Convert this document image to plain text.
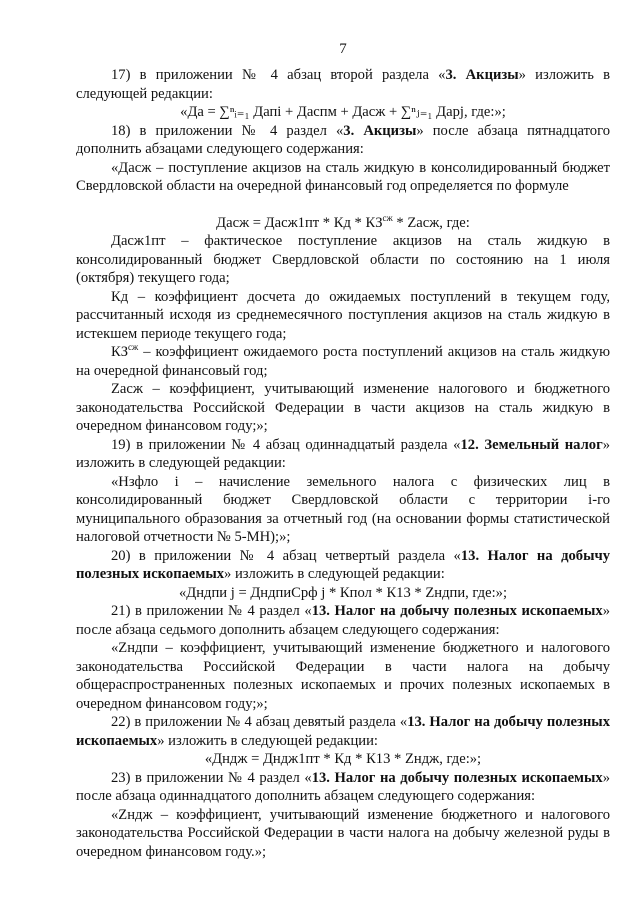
7

17) в приложении № 4 абзац второй раздела «3. Акцизы» изложить в следующей редакции:

«Да = ∑ⁿᵢ₌₁ Дапі + Даспм + Дасж + ∑ⁿⱼ₌₁ Дарј, где:»;

18) в приложении № 4 раздел «3. Акцизы» после абзаца пятнадцатого дополнить абзацами следующего содержания:

«Дасж – поступление акцизов на сталь жидкую в консолидированный бюджет Свердловской области на очередной финансовый год определяется по формуле

Дасж = Дасж1пт * Кд * $КЗ^{сж}$ * Zасж, где:

Дасж1пт – фактическое поступление акцизов на сталь жидкую в консолидированный бюджет Свердловской области по состоянию на 1 июля (октября) текущего года;

Кд – коэффициент досчета до ожидаемых поступлений в текущем году, рассчитанный исходя из среднемесячного поступления акцизов на сталь жидкую в истекшем периоде текущего года;

$КЗ^{сж}$ – коэффициент ожидаемого роста поступлений акцизов на сталь жидкую на очередной финансовый год;

Zасж – коэффициент, учитывающий изменение налогового и бюджетного законодательства Российской Федерации в части акцизов на сталь жидкую в очередном финансовом году;»;

19) в приложении № 4 абзац одиннадцатый раздела «12. Земельный налог» изложить в следующей редакции:

«Нзфло і – начисление земельного налога с физических лиц в консолидированный бюджет Свердловской области с территории і-го муниципального образования за отчетный год (на основании формы статистической налоговой отчетности № 5-МН);»;

20) в приложении № 4 абзац четвертый раздела «13. Налог на добычу полезных ископаемых» изложить в следующей редакции:

«Дндпи ј = ДндпиСрф ј * Кпол * К13 * Zндпи, где:»;

21) в приложении № 4 раздел «13. Налог на добычу полезных ископаемых» после абзаца седьмого дополнить абзацем следующего содержания:

«Zндпи – коэффициент, учитывающий изменение бюджетного и налогового законодательства Российской Федерации в части налога на добычу общераспространенных полезных ископаемых и прочих полезных ископаемых в очередном финансовом году;»;

22) в приложении № 4 абзац девятый раздела «13. Налог на добычу полезных ископаемых» изложить в следующей редакции:

«Дндж = Дндж1пт * Кд * К13 * Zндж, где:»;

23) в приложении № 4 раздел «13. Налог на добычу полезных ископаемых» после абзаца одиннадцатого дополнить абзацем следующего содержания:

«Zндж – коэффициент, учитывающий изменение бюджетного и налогового законодательства Российской Федерации в части налога на добычу железной руды в очередном финансовом году.»;
